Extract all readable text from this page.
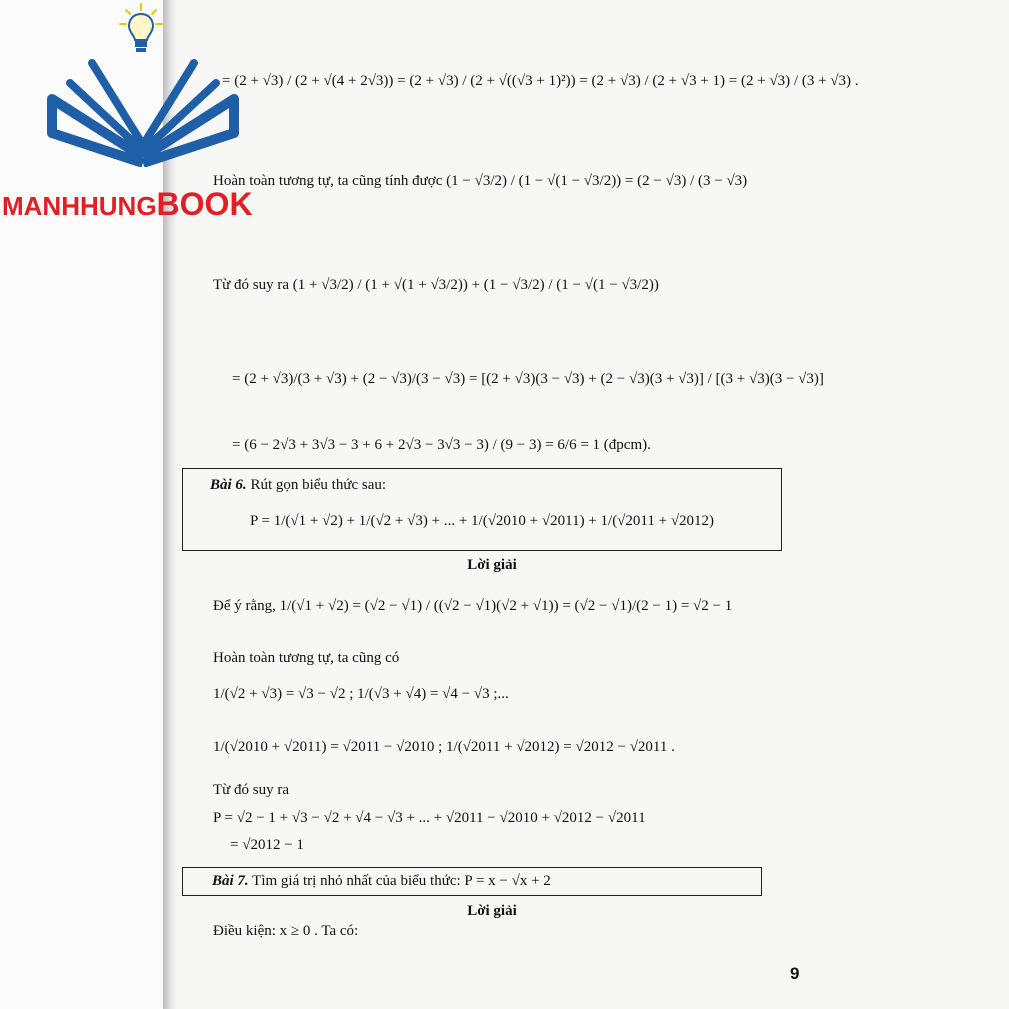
MANHHUNGBOOK
= (2 + √3) / (2 + √(4 + 2√3)) = (2 + √3) / (2 + √((√3 + 1)²)) = (2 + √3) / (2 + √3 + 1) = (2 + √3) / (3 + √3) .
Hoàn toàn tương tự, ta cũng tính được (1 − √3/2) / (1 − √(1 − √3/2)) = (2 − √3) / (3 − √3)
Từ đó suy ra (1 + √3/2) / (1 + √(1 + √3/2)) + (1 − √3/2) / (1 − √(1 − √3/2))
= (2 + √3)/(3 + √3) + (2 − √3)/(3 − √3) = [(2 + √3)(3 − √3) + (2 − √3)(3 + √3)] / [(3 + √3)(3 − √3)]
= (6 − 2√3 + 3√3 − 3 + 6 + 2√3 − 3√3 − 3) / (9 − 3) = 6/6 = 1 (đpcm).
Bài 6. Rút gọn biểu thức sau:
P = 1/(√1 + √2) + 1/(√2 + √3) + ... + 1/(√2010 + √2011) + 1/(√2011 + √2012)
Lời giải
Để ý rằng, 1/(√1 + √2) = (√2 − √1) / ((√2 − √1)(√2 + √1)) = (√2 − √1)/(2 − 1) = √2 − 1
Hoàn toàn tương tự, ta cũng có
1/(√2 + √3) = √3 − √2 ; 1/(√3 + √4) = √4 − √3 ;...
1/(√2010 + √2011) = √2011 − √2010 ; 1/(√2011 + √2012) = √2012 − √2011 .
Từ đó suy ra
P = √2 − 1 + √3 − √2 + √4 − √3 + ... + √2011 − √2010 + √2012 − √2011
= √2012 − 1
Bài 7. Tìm giá trị nhỏ nhất của biểu thức: P = x − √x + 2
Lời giải
Điều kiện: x ≥ 0 . Ta có:
9
